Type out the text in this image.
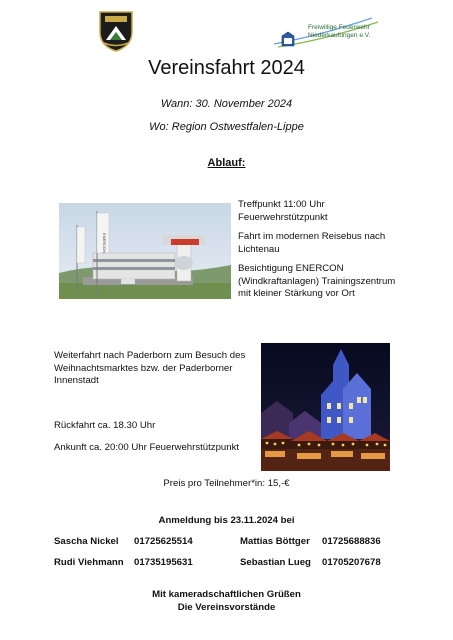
Freiwillige Feuerwehr
Niederkaufungen e.V.
Vereinsfahrt 2024
Wann: 30. November 2024
Wo: Region Ostwestfalen-Lippe
Ablauf:
ENERCON
Treffpunkt 11:00 Uhr Feuerwehrstützpunkt
Fahrt im modernen Reisebus nach Lichtenau
Besichtigung ENERCON (Windkraftanlagen) Trainingszentrum mit kleiner Stärkung vor Ort
Weiterfahrt nach Paderborn zum Besuch des Weihnachtsmarktes bzw. der Paderborner Innenstadt
Rückfahrt ca. 18.30 Uhr
Ankunft ca. 20:00 Uhr Feuerwehrstützpunkt
Preis pro Teilnehmer*in: 15,-€
Anmeldung bis 23.11.2024 bei
Sascha Nickel 01725625514	Mattias Böttger 01725688836
Rudi Viehmann 01735195631	Sebastian Lueg 01705207678
Mit kameradschaftlichen Grüßen
Die Vereinsvorstände
